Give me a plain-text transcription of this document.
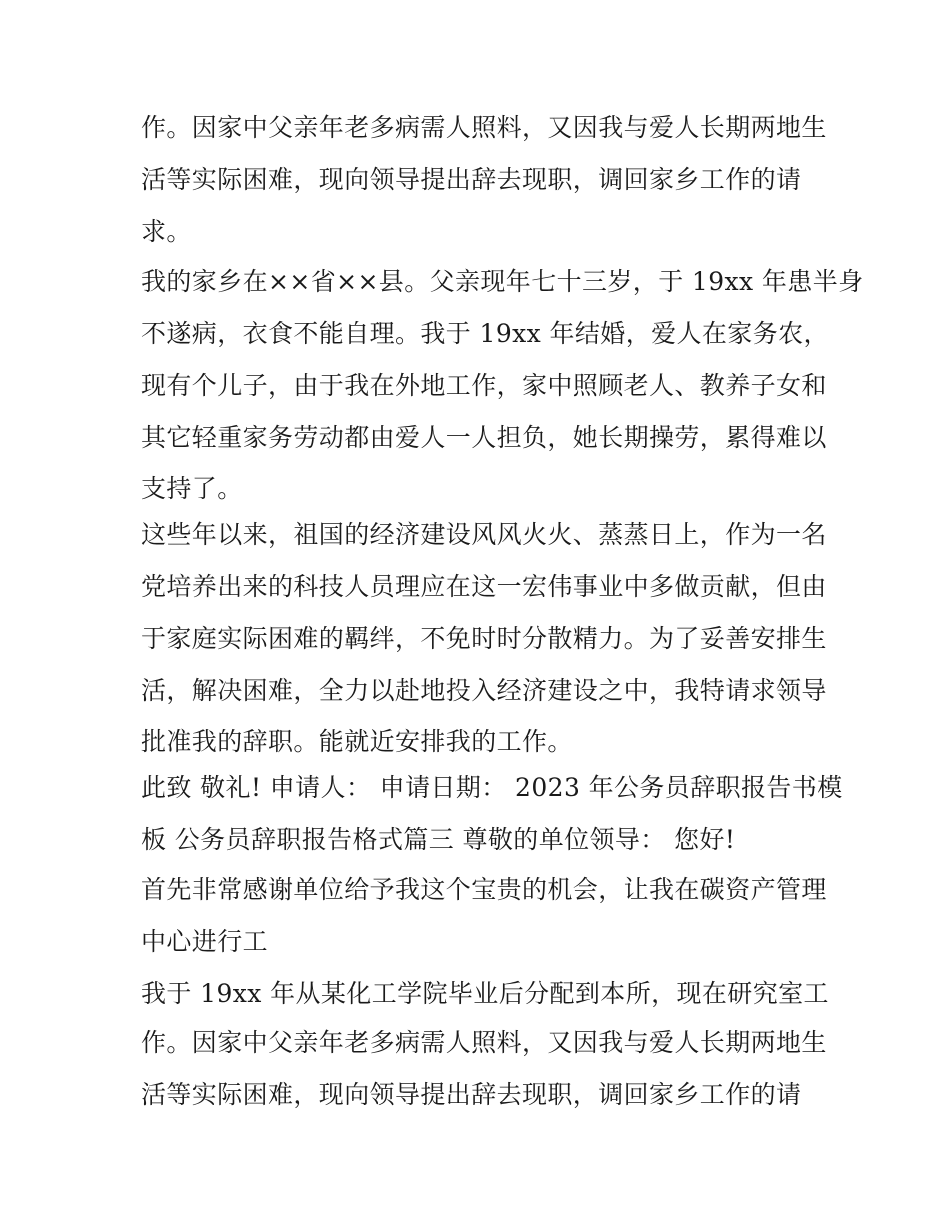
作。因家中父亲年老多病需人照料，又因我与爱人长期两地生
活等实际困难，现向领导提出辞去现职，调回家乡工作的请
求。
我的家乡在××省××县。父亲现年七十三岁，于 19xx 年患半身
不遂病，衣食不能自理。我于 19xx 年结婚，爱人在家务农，
现有个儿子，由于我在外地工作，家中照顾老人、教养子女和
其它轻重家务劳动都由爱人一人担负，她长期操劳，累得难以
支持了。
这些年以来，祖国的经济建设风风火火、蒸蒸日上，作为一名
党培养出来的科技人员理应在这一宏伟事业中多做贡献，但由
于家庭实际困难的羁绊，不免时时分散精力。为了妥善安排生
活，解决困难，全力以赴地投入经济建设之中，我特请求领导
批准我的辞职。能就近安排我的工作。
此致 敬礼! 申请人： 申请日期： 2023 年公务员辞职报告书模
板 公务员辞职报告格式篇三 尊敬的单位领导： 您好!
首先非常感谢单位给予我这个宝贵的机会，让我在碳资产管理
中心进行工
我于 19xx 年从某化工学院毕业后分配到本所，现在研究室工
作。因家中父亲年老多病需人照料，又因我与爱人长期两地生
活等实际困难，现向领导提出辞去现职，调回家乡工作的请
